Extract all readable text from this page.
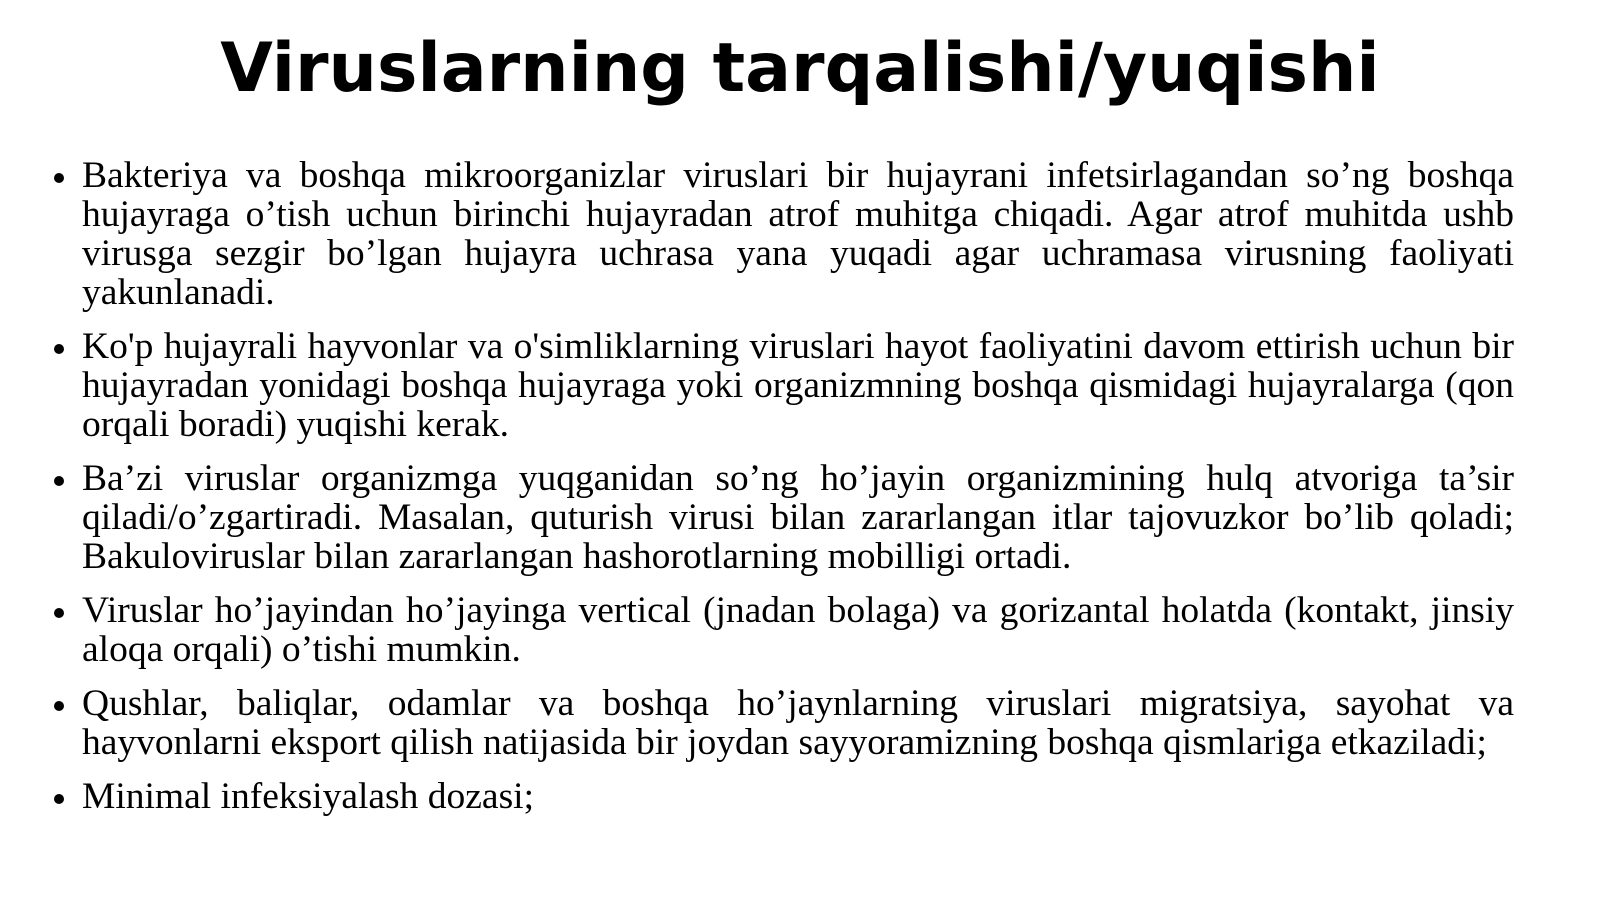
Viruslarning tarqalishi/yuqishi
Bakteriya va boshqa mikroorganizlar viruslari bir hujayrani infetsirlagandan so’ng boshqa hujayraga o’tish uchun birinchi hujayradan atrof muhitga chiqadi. Agar atrof muhitda ushb virusga sezgir bo’lgan hujayra uchrasa yana yuqadi agar uchramasa virusning faoliyati yakunlanadi.
Ko'p hujayrali hayvonlar va o'simliklarning viruslari hayot faoliyatini davom ettirish uchun bir hujayradan yonidagi boshqa hujayraga yoki organizmning boshqa qismidagi hujayralarga (qon orqali boradi) yuqishi kerak.
Ba’zi viruslar organizmga yuqganidan so’ng ho’jayin organizmining hulq atvoriga ta’sir qiladi/o’zgartiradi. Masalan, quturish virusi bilan zararlangan itlar tajovuzkor bo’lib qoladi; Bakuloviruslar bilan zararlangan hashorotlarning mobilligi ortadi.
Viruslar ho’jayindan ho’jayinga vertical (jnadan bolaga) va gorizantal holatda (kontakt, jinsiy aloqa orqali) o’tishi mumkin.
Qushlar, baliqlar, odamlar va boshqa ho’jaynlarning viruslari migratsiya, sayohat va hayvonlarni eksport qilish natijasida bir joydan sayyoramizning boshqa qismlariga etkaziladi;
Minimal infeksiyalash dozasi;
